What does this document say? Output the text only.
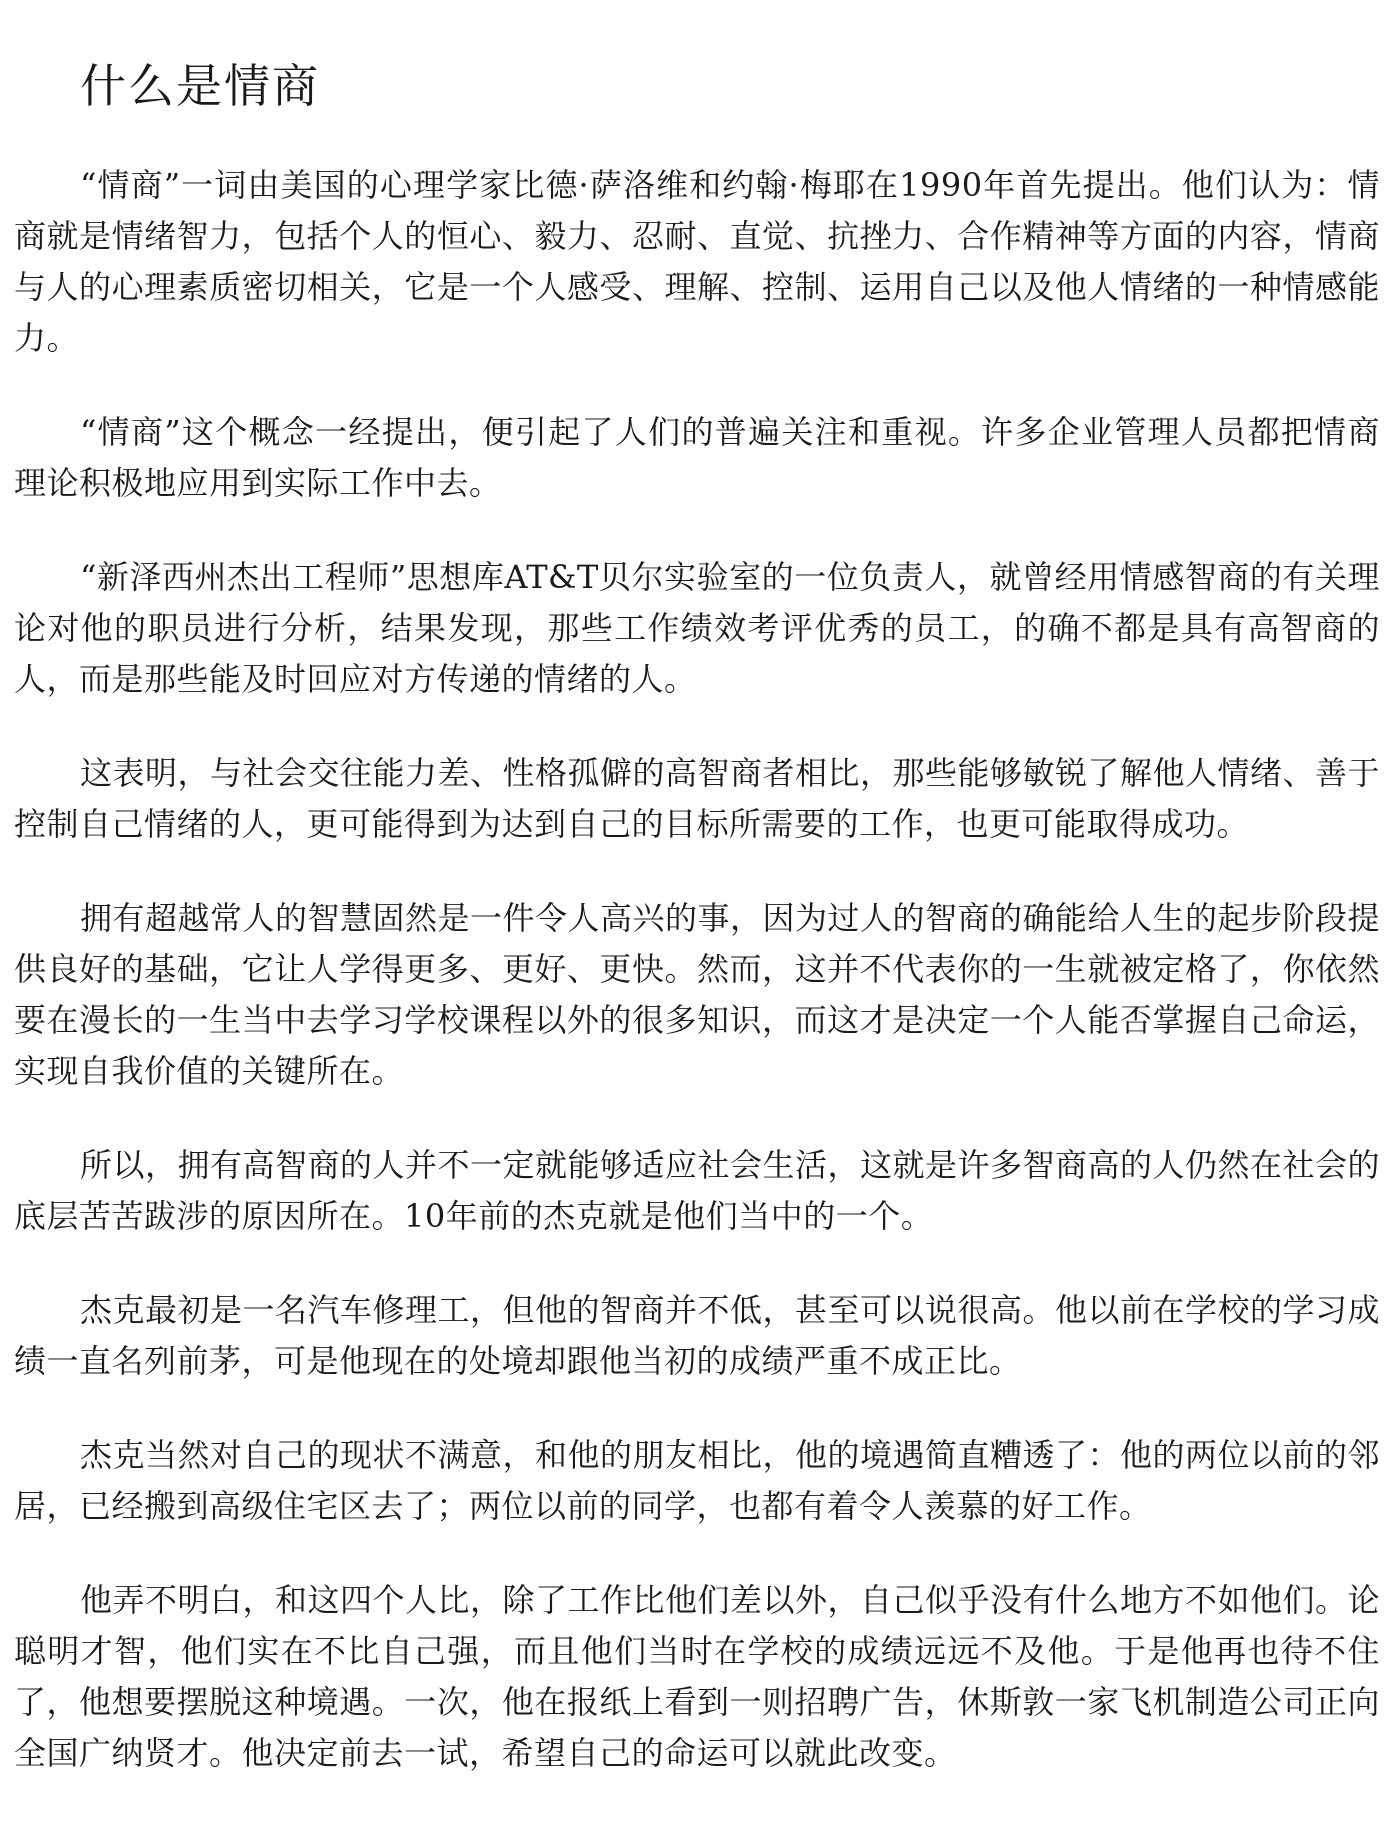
什么是情商

“情商”一词由美国的心理学家比德·萨洛维和约翰·梅耶在1990年首先提出。他们认为：情商就是情绪智力，包括个人的恒心、毅力、忍耐、直觉、抗挫力、合作精神等方面的内容，情商与人的心理素质密切相关，它是一个人感受、理解、控制、运用自己以及他人情绪的一种情感能力。

“情商”这个概念一经提出，便引起了人们的普遍关注和重视。许多企业管理人员都把情商理论积极地应用到实际工作中去。

“新泽西州杰出工程师”思想库AT&T贝尔实验室的一位负责人，就曾经用情感智商的有关理论对他的职员进行分析，结果发现，那些工作绩效考评优秀的员工，的确不都是具有高智商的人，而是那些能及时回应对方传递的情绪的人。

这表明，与社会交往能力差、性格孤僻的高智商者相比，那些能够敏锐了解他人情绪、善于控制自己情绪的人，更可能得到为达到自己的目标所需要的工作，也更可能取得成功。

拥有超越常人的智慧固然是一件令人高兴的事，因为过人的智商的确能给人生的起步阶段提供良好的基础，它让人学得更多、更好、更快。然而，这并不代表你的一生就被定格了，你依然要在漫长的一生当中去学习学校课程以外的很多知识，而这才是决定一个人能否掌握自己命运，实现自我价值的关键所在。

所以，拥有高智商的人并不一定就能够适应社会生活，这就是许多智商高的人仍然在社会的底层苦苦跋涉的原因所在。10年前的杰克就是他们当中的一个。

杰克最初是一名汽车修理工，但他的智商并不低，甚至可以说很高。他以前在学校的学习成绩一直名列前茅，可是他现在的处境却跟他当初的成绩严重不成正比。

杰克当然对自己的现状不满意，和他的朋友相比，他的境遇简直糟透了：他的两位以前的邻居，已经搬到高级住宅区去了；两位以前的同学，也都有着令人羡慕的好工作。

他弄不明白，和这四个人比，除了工作比他们差以外，自己似乎没有什么地方不如他们。论聪明才智，他们实在不比自己强，而且他们当时在学校的成绩远远不及他。于是他再也待不住了，他想要摆脱这种境遇。一次，他在报纸上看到一则招聘广告，休斯敦一家飞机制造公司正向全国广纳贤才。他决定前去一试，希望自己的命运可以就此改变。
